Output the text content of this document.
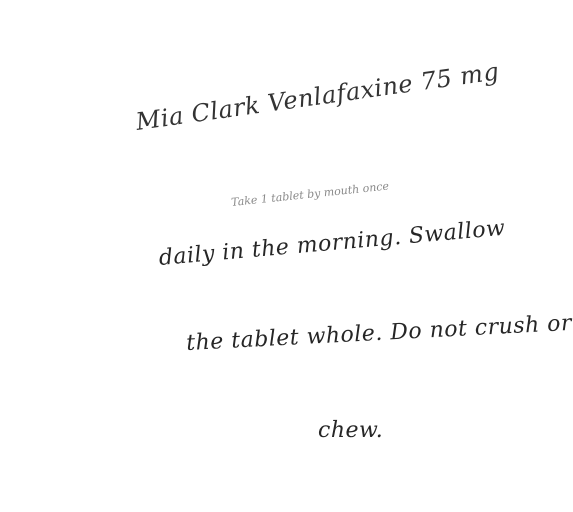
Mia Clark Venlafaxine 75 mg
Take 1 tablet by mouth once
daily in the morning. Swallow
the tablet whole. Do not crush or
chew.
